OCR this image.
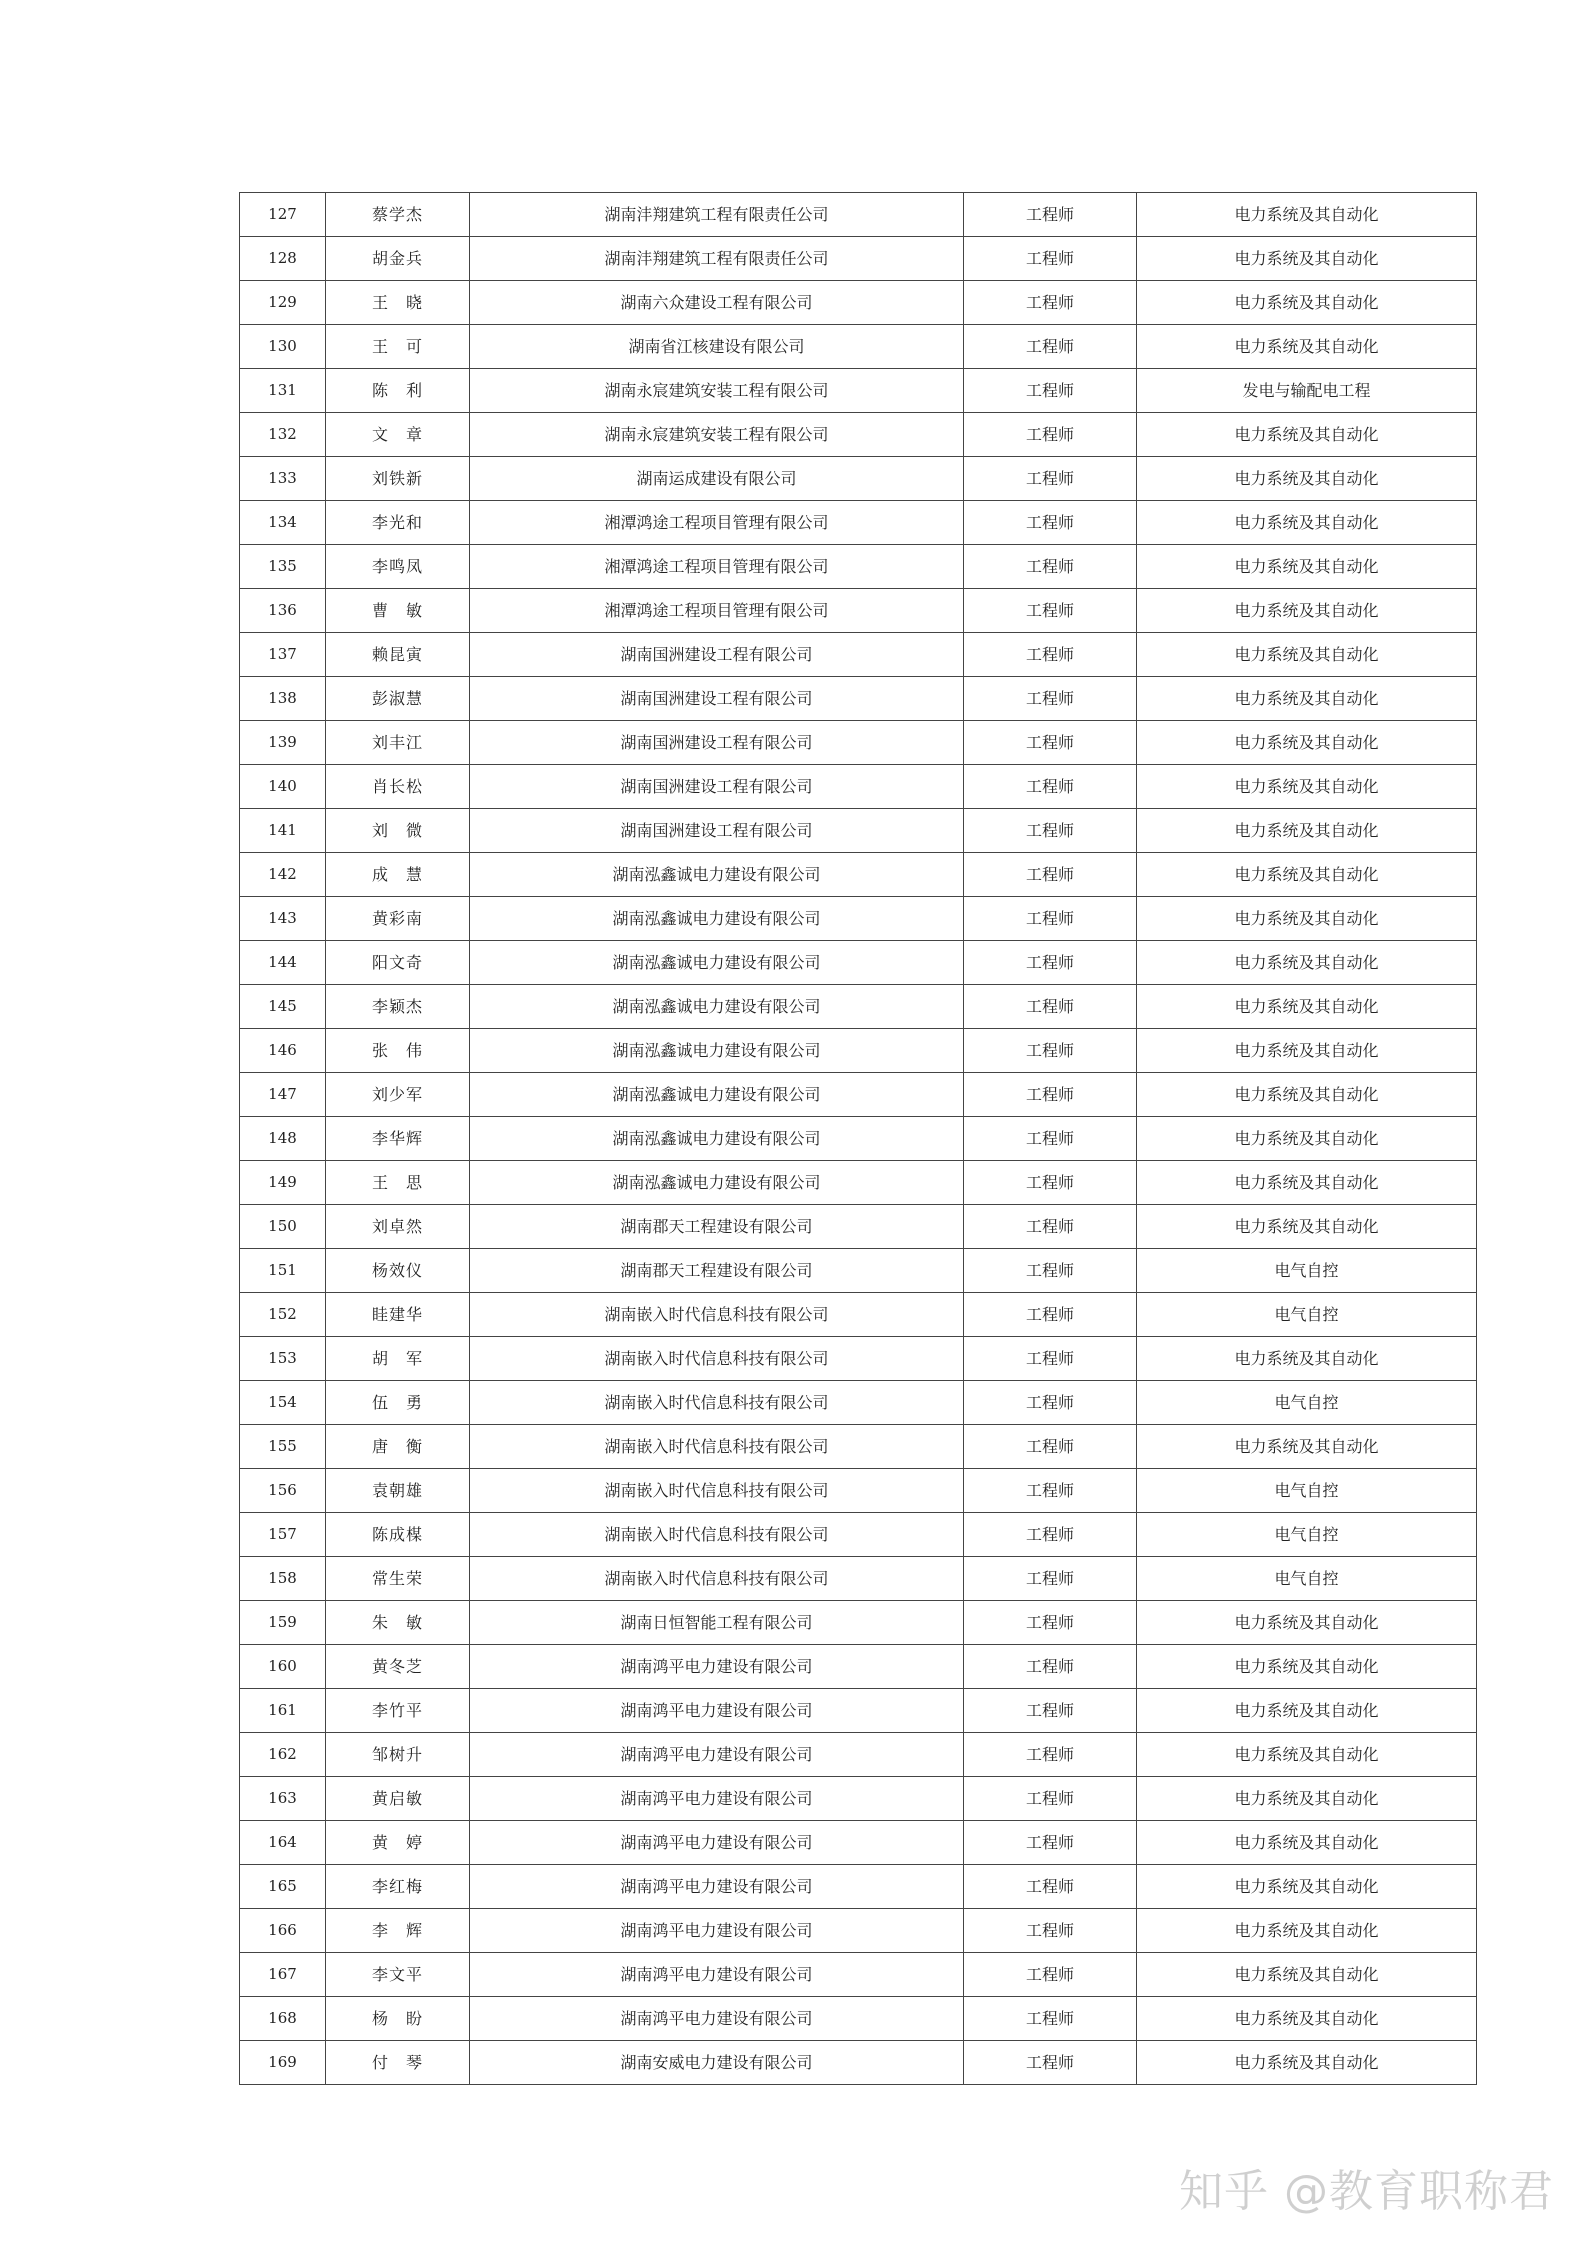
127	蔡学杰	湖南沣翔建筑工程有限责任公司	工程师	电力系统及其自动化
128	胡金兵	湖南沣翔建筑工程有限责任公司	工程师	电力系统及其自动化
129	王　晓	湖南六众建设工程有限公司	工程师	电力系统及其自动化
130	王　可	湖南省江核建设有限公司	工程师	电力系统及其自动化
131	陈　利	湖南永宸建筑安装工程有限公司	工程师	发电与输配电工程
132	文　章	湖南永宸建筑安装工程有限公司	工程师	电力系统及其自动化
133	刘铁新	湖南运成建设有限公司	工程师	电力系统及其自动化
134	李光和	湘潭鸿途工程项目管理有限公司	工程师	电力系统及其自动化
135	李鸣凤	湘潭鸿途工程项目管理有限公司	工程师	电力系统及其自动化
136	曹　敏	湘潭鸿途工程项目管理有限公司	工程师	电力系统及其自动化
137	赖昆寅	湖南国洲建设工程有限公司	工程师	电力系统及其自动化
138	彭淑慧	湖南国洲建设工程有限公司	工程师	电力系统及其自动化
139	刘丰江	湖南国洲建设工程有限公司	工程师	电力系统及其自动化
140	肖长松	湖南国洲建设工程有限公司	工程师	电力系统及其自动化
141	刘　微	湖南国洲建设工程有限公司	工程师	电力系统及其自动化
142	成　慧	湖南泓鑫诚电力建设有限公司	工程师	电力系统及其自动化
143	黄彩南	湖南泓鑫诚电力建设有限公司	工程师	电力系统及其自动化
144	阳文奇	湖南泓鑫诚电力建设有限公司	工程师	电力系统及其自动化
145	李颖杰	湖南泓鑫诚电力建设有限公司	工程师	电力系统及其自动化
146	张　伟	湖南泓鑫诚电力建设有限公司	工程师	电力系统及其自动化
147	刘少军	湖南泓鑫诚电力建设有限公司	工程师	电力系统及其自动化
148	李华辉	湖南泓鑫诚电力建设有限公司	工程师	电力系统及其自动化
149	王　思	湖南泓鑫诚电力建设有限公司	工程师	电力系统及其自动化
150	刘卓然	湖南郡天工程建设有限公司	工程师	电力系统及其自动化
151	杨效仪	湖南郡天工程建设有限公司	工程师	电气自控
152	眭建华	湖南嵌入时代信息科技有限公司	工程师	电气自控
153	胡　军	湖南嵌入时代信息科技有限公司	工程师	电力系统及其自动化
154	伍　勇	湖南嵌入时代信息科技有限公司	工程师	电气自控
155	唐　衡	湖南嵌入时代信息科技有限公司	工程师	电力系统及其自动化
156	袁朝雄	湖南嵌入时代信息科技有限公司	工程师	电气自控
157	陈成楳	湖南嵌入时代信息科技有限公司	工程师	电气自控
158	常生荣	湖南嵌入时代信息科技有限公司	工程师	电气自控
159	朱　敏	湖南日恒智能工程有限公司	工程师	电力系统及其自动化
160	黄冬芝	湖南鸿平电力建设有限公司	工程师	电力系统及其自动化
161	李竹平	湖南鸿平电力建设有限公司	工程师	电力系统及其自动化
162	邹树升	湖南鸿平电力建设有限公司	工程师	电力系统及其自动化
163	黄启敏	湖南鸿平电力建设有限公司	工程师	电力系统及其自动化
164	黄　婷	湖南鸿平电力建设有限公司	工程师	电力系统及其自动化
165	李红梅	湖南鸿平电力建设有限公司	工程师	电力系统及其自动化
166	李　辉	湖南鸿平电力建设有限公司	工程师	电力系统及其自动化
167	李文平	湖南鸿平电力建设有限公司	工程师	电力系统及其自动化
168	杨　盼	湖南鸿平电力建设有限公司	工程师	电力系统及其自动化
169	付　琴	湖南安威电力建设有限公司	工程师	电力系统及其自动化
知乎 @教育职称君
